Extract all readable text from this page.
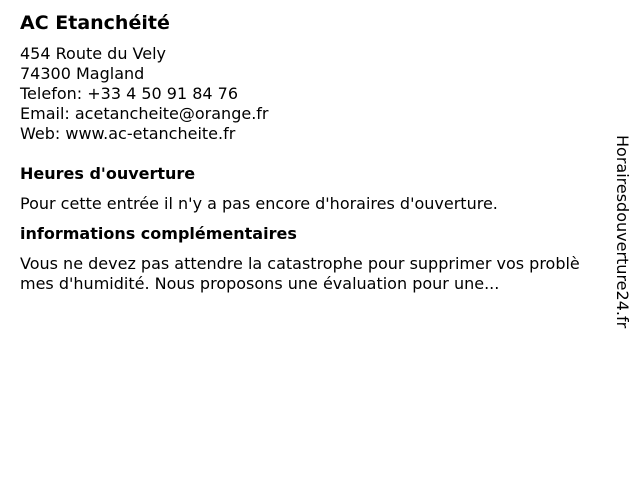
AC Etanchéité
454 Route du Vely
74300 Magland
Telefon: +33 4 50 91 84 76
Email: acetancheite@orange.fr
Web: www.ac-etancheite.fr
Heures d'ouverture
Pour cette entrée il n'y a pas encore d'horaires d'ouverture.
informations complémentaires
Vous ne devez pas attendre la catastrophe pour supprimer vos problèmes d'humidité. Nous proposons une évaluation pour une...	Horairesdouverture24.fr
